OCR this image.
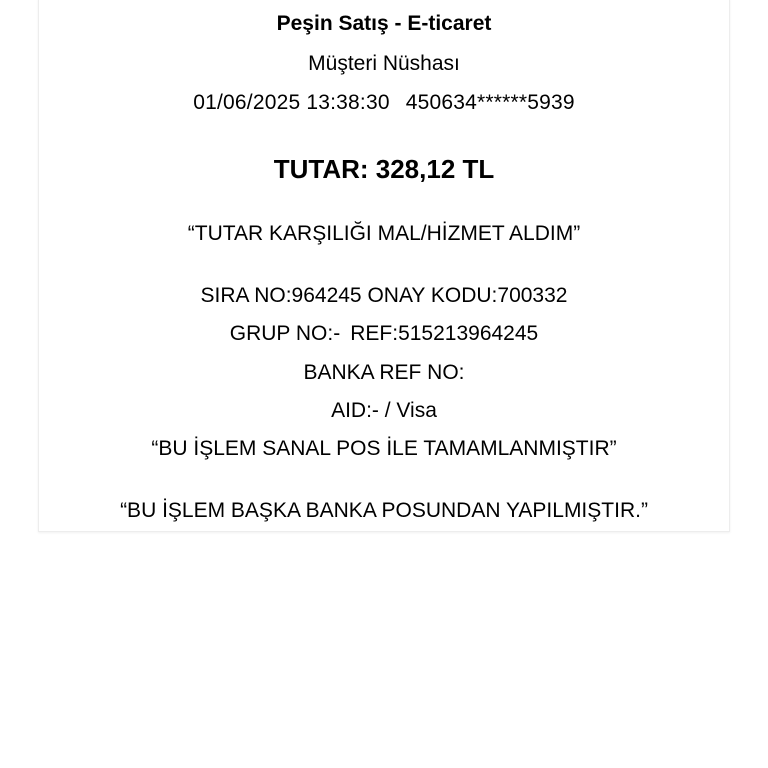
Peşin Satış - E-ticaret
Müşteri Nüshası
01/06/2025 13:38:30 450634******5939
TUTAR: 328,12 TL
“TUTAR KARŞILIĞI MAL/HİZMET ALDIM”
SIRA NO:964245 ONAY KODU:700332
GRUP NO:- REF:515213964245
BANKA REF NO:
AID:- / Visa
“BU İŞLEM SANAL POS İLE TAMAMLANMIŞTIR”
“BU İŞLEM BAŞKA BANKA POSUNDAN YAPILMIŞTIR.”
